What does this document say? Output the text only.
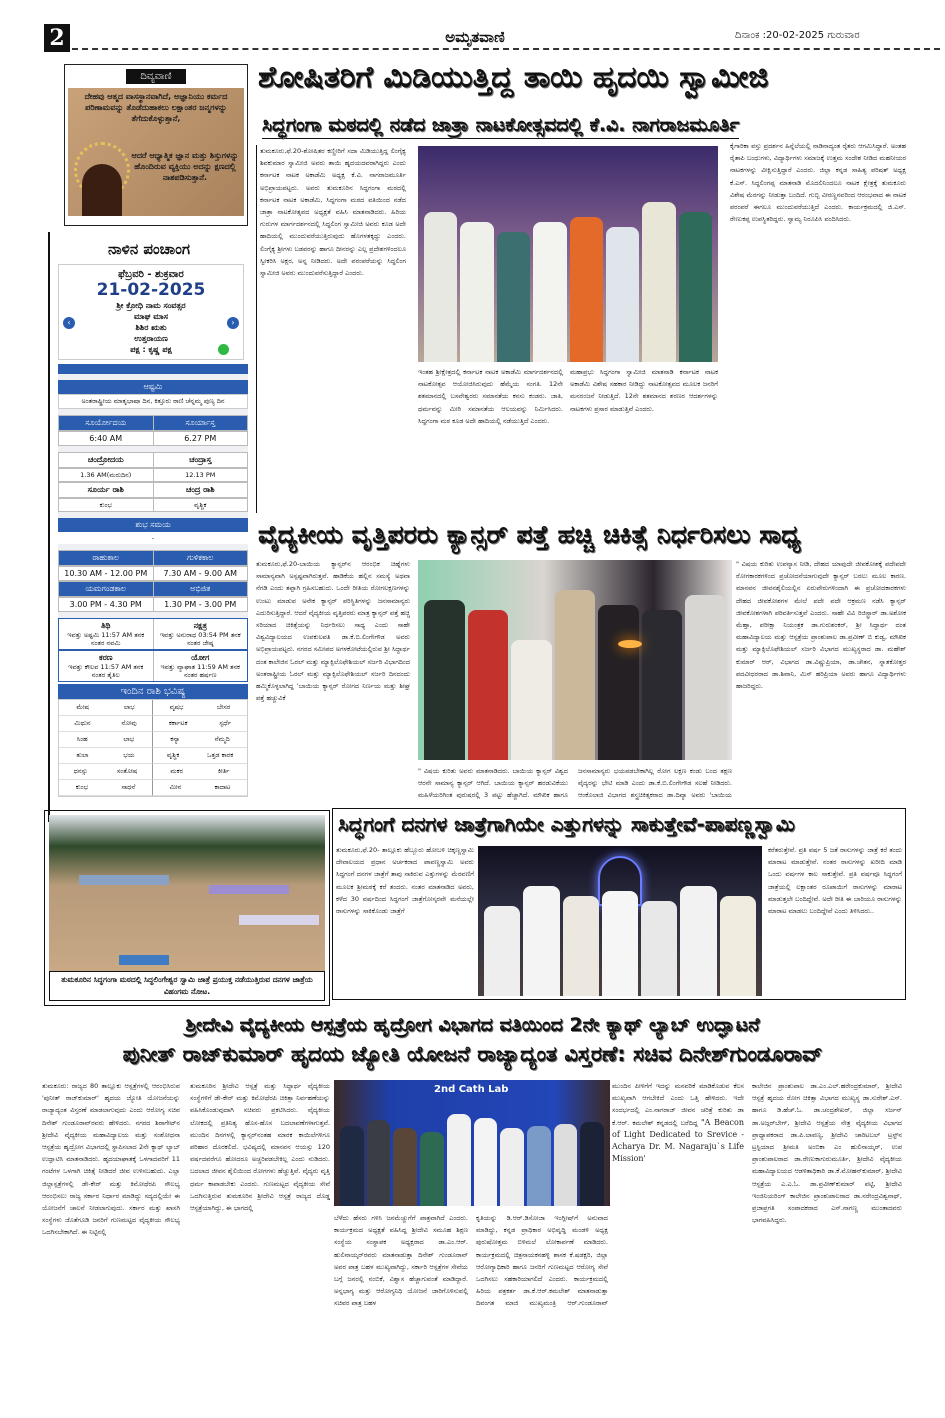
2	ಅಮೃತವಾಣಿ	ದಿನಾಂಕ :20-02-2025 ಗುರುವಾರ
ದಿವ್ಯವಾಣಿ
ದೇಹವು ಆತ್ಮದ ವಾಸಸ್ಥಾನವಾಗಿದೆ, ಅಜ್ಞಾನಿಯು ಕರ್ಮದ ಪರಿಣಾಮವನ್ನು ತೊಡೆದುಹಾಕಲು ಲಕ್ಷಾಂತರ ಜನ್ಮಗಳನ್ನು ತೆಗೆದುಕೊಳ್ಳುತ್ತಾನೆ,
ಆದರೆ ಆಧ್ಯಾತ್ಮಿಕ ಜ್ಞಾನ ಮತ್ತು ಶಿಸ್ತುಗಳನ್ನು ಹೊಂದಿರುವ ವ್ಯಕ್ತಿಯು ಅದನ್ನು ಕ್ಷಣದಲ್ಲಿ ನಾಶಪಡಿಸುತ್ತಾನೆ.
ನಾಳಿನ ಪಂಚಾಂಗ
ಫೆಬ್ರವರಿ - ಶುಕ್ರವಾರ
21-02-2025
ಶ್ರೀ ಕ್ರೋಧಿ ನಾಮ ಸಂವತ್ಸರ
ಮಾಘ ಮಾಸ
ಶಿಶಿರ ಋತು
ಉತ್ತರಾಯಣ
ಪಕ್ಷ : ಕೃಷ್ಣ ಪಕ್ಷ
‹	›
ಆಷ್ಟಮಿ
ಅಂತರಾಷ್ಟ್ರೀಯ ಮಾತೃಭಾಷಾ ದಿನ, ಕಿತ್ತೂರು ರಾಣಿ ಚೆನ್ನಮ್ಮ ಪುಣ್ಯ ದಿನ
ಸೂರ್ಯೋದಯ	ಸೂರ್ಯಾಸ್ತ
6:40 AM	6.27 PM
ಚಂದ್ರೋದಯ	ಚಂದ್ರಾಸ್ತ
1.36 AM(ಮರುದಿನ)	12.13 PM
ಸೂರ್ಯ ರಾಶಿ	ಚಂದ್ರ ರಾಶಿ
ಕುಂಭ	ವೃಶ್ಚಿಕ
ಶುಭ ಸಮಯ
-
ರಾಹುಕಾಲ	ಗುಳಿಕಕಾಲ
10.30 AM - 12.00 PM	7.30 AM - 9.00 AM
ಯಮಗಂಡಕಾಲ	ಅಭಿಜಿತ
3.00 PM - 4.30 PM	1.30 PM - 3.00 PM
ತಿಥಿ
ಇವತ್ತು ಅಷ್ಟಮಿ 11:57 AM ತನಕ ನಂತರ ನವಮಿ
ನಕ್ಷತ್ರ
ಇವತ್ತು ಅನುರಾಧ 03:54 PM ತನಕ ನಂತರ ಜೇಷ್ಠ
ಕರಣ
ಇವತ್ತು ಕೌಲವ 11:57 AM ತನಕ ನಂತರ ತೈತಿಲ
ಯೋಗ
ಇವತ್ತು ವ್ಯಾಘಾತ 11:59 AM ತನಕ ನಂತರ ಹರ್ಷಣ
ಇಂದಿನ ರಾಶಿ ಭವಿಷ್ಯ
ಮೇಷ	ಲಾಭ	ವೃಷಭ	ಬೇಸರ
ಮಿಥುನ	ನೋವು	ಕರ್ಕಾಟಕ	ಸ್ಪರ್ಧೆ
ಸಿಂಹ	ಲಾಭ	ಕನ್ಯಾ	ನೆಮ್ಮದಿ
ತುಲಾ	ಭಯ	ವೃಶ್ಚಿಕ	ಒತ್ತಡ ಕಾರಕ
ಧನಸ್ಸು	ಸಂತೋಷ	ಮಕರ	ಕೀರ್ತಿ
ಕುಂಭ	ಸಾಧನೆ	ಮೀನ	ಕಾದಾಟ
ಶೋಷಿತರಿಗೆ ಮಿಡಿಯುತ್ತಿದ್ದ ತಾಯಿ ಹೃದಯಿ ಸ್ವಾಮೀಜಿ
ಸಿದ್ಧಗಂಗಾ ಮಠದಲ್ಲಿ ನಡೆದ ಜಾತ್ರಾ ನಾಟಕೋತ್ಸವದಲ್ಲಿ ಕೆ.ವಿ. ನಾಗರಾಜಮೂರ್ತಿ
ತುಮಕೂರು,ಫೆ.20-ಶೋಷಿತರ ಕಣ್ಣೀರಿಗೆ ಸದಾ ಮಿಡಿಯುತ್ತಿದ್ದ ಲಿಂಗೈಕ್ಯ ಶಿವಕುಮಾರ ಸ್ವಾಮೀಜಿ ಅವರು ತಾಯಿ ಹೃದಯದವರಾಗಿದ್ದರು ಎಂದು ಕರ್ನಾಟಕ ನಾಟಕ ಅಕಾಡೆಮಿ ಅಧ್ಯಕ್ಷ ಕೆ.ವಿ. ನಾಗರಾಜಮೂರ್ತಿ ಅಭಿಪ್ರಾಯಪಟ್ಟರು. ಅವರು ತುಮಕೂರಿನ ಸಿದ್ಧಗಂಗಾ ಮಠದಲ್ಲಿ ಕರ್ನಾಟಕ ನಾಟಕ ಅಕಾಡೆಮಿ, ಸಿದ್ಧಗಂಗಾ ಮಠದ ವತಿಯಿಂದ ನಡೆದ ಜಾತ್ರಾ ನಾಟಕೋತ್ಸವದ ಅಧ್ಯಕ್ಷತೆ ವಹಿಸಿ ಮಾತನಾಡಿದರು. ಹಿರಿಯ ಗುರುಗಳ ಮಾರ್ಗದರ್ಶನದಲ್ಲಿ ಸಿದ್ಧಲಿಂಗ ಸ್ವಾಮೀಜಿ ಅವರು ಕೂಡ ಅದೇ ಹಾದಿಯಲ್ಲಿ ಮುಂದುವರೆಯುತ್ತಿರುವುದು ಹೊಗಳತಕ್ಕದ್ದು ಎಂದರು. ಲಿಂಗೈಕ್ಯ ಶ್ರೀಗಳು ಬಡವರನ್ನು ಹಾಗೂ ದೀನರನ್ನು ಎಲ್ಲ ಪ್ರದೇಶಗಳಿಂದಲೂ ಸ್ವೀಕರಿಸಿ ಅಕ್ಷರ, ಅನ್ನ ನೀಡಿದರು. ಅದೇ ಪರಂಪರೆಯನ್ನು ಸಿದ್ಧಲಿಂಗ ಸ್ವಾಮೀಜಿ ಅವರು ಮುಂದುವರೆಸುತ್ತಿದ್ದಾರೆ ಎಂದರು.
ಇಂತಹ ಶ್ರೀಕ್ಷೇತ್ರದಲ್ಲಿ ಕರ್ನಾಟಕ ನಾಟಕ ಅಕಾಡೆಮಿ ಮಾರ್ಗದರ್ಶನದಲ್ಲಿ ನಾಟಕೋತ್ಸವ ಆಯೋಜಿಸಿರುವುದು ಹೆಮ್ಮೆಯ ಸಂಗತಿ. 12ನೇ ಶತಮಾನದಲ್ಲಿ ಬಸವೇಶ್ವರರು ಸಮಾನತೆಯ ಕನಸು ಕಂಡರು. ಜಾತಿ, ಧರ್ಮವನ್ನು ಮೀರಿ ಸಮಾನತೆಯ ಆಲಯವನ್ನು ನಿರ್ಮಿಸಿದರು. ಸಿದ್ಧಗಂಗಾ ಮಠ ಕೂಡ ಅದೇ ಹಾದಿಯಲ್ಲಿ ನಡೆಯುತ್ತಿದೆ ಎಂದರು.
ಮಹಾಪ್ರಭು ಸಿದ್ಧಗಂಗಾ ಸ್ವಾಮೀಜಿ ಮಾತನಾಡಿ ಕರ್ನಾಟಕ ನಾಟಕ ಅಕಾಡೆಮಿ ವಿಶೇಷ ಸಹಕಾರ ನೀಡಿದ್ದು ನಾಟಕೋತ್ಸವದ ಮೂಲಕ ಜನರಿಗೆ ಮನರಂಜನೆ ನೀಡುತ್ತಿದೆ. 12ನೇ ಶತಮಾನದ ಶರಣರ ಆದರ್ಶಗಳನ್ನು ನಾಟಕಗಳು ಪ್ರಸಾರ ಮಾಡುತ್ತಿವೆ ಎಂದರು.
ಕೈಗಾರಿಕಾ ವಸ್ತು ಪ್ರದರ್ಶನ ಹಿನ್ನೆಲೆಯಲ್ಲಿ ನಾಡಿನಾದ್ಯಂತ ರೈತರು ಆಗಮಿಸಿದ್ದಾರೆ. ಅಂತಹ ರೈತಾಪಿ ಬಂಧುಗಳು, ವಿದ್ಯಾರ್ಥಿಗಳು ಸಮಾಜಕ್ಕೆ ಉತ್ತಮ ಸಂದೇಶ ನೀಡಿದ ಮಹನೀಯರ ನಾಟಕಗಳನ್ನು ವೀಕ್ಷಿಸುತ್ತಿದ್ದಾರೆ ಎಂದರು. ಜಿಲ್ಲಾ ಕನ್ನಡ ಸಾಹಿತ್ಯ ಪರಿಷತ್ ಅಧ್ಯಕ್ಷ ಕೆ.ಎಸ್. ಸಿದ್ಧಲಿಂಗಪ್ಪ ಮಾತನಾಡಿ ಮೊದಲಿನಿಂದಲೂ ನಾಟಕ ಕ್ಷೇತ್ರಕ್ಕೆ ತುಮಕೂರು ವಿಶೇಷ ಮೆರಗನ್ನು ನೀಡುತ್ತಾ ಬಂದಿದೆ. ಗುಬ್ಬಿ ವೀರಣ್ಣನವರಿಂದ ಆರಂಭವಾದ ಈ ನಾಟಕ ಪರಂಪರೆ ಈಗಲೂ ಮುಂದುವರೆಯುತ್ತಿದೆ ಎಂದರು. ಕಾರ್ಯಕ್ರಮದಲ್ಲಿ ಜಿ.ಎಸ್. ರೇಣುಕಪ್ಪ ಉಪಸ್ಥಿತರಿದ್ದರು. ಸ್ವಾಮ್ಯ ನಿರೂಪಿಸಿ ವಂದಿಸಿದರು.
ವೈದ್ಯಕೀಯ ವೃತ್ತಿಪರರು ಕ್ಯಾನ್ಸರ್ ಪತ್ತೆ ಹಚ್ಚಿ ಚಿಕಿತ್ಸೆ ನಿರ್ಧರಿಸಲು ಸಾಧ್ಯ
ತುಮಕೂರು,ಫೆ.20-ಬಾಯಿಯ ಕ್ಯಾನ್ಸರ್‌ನ ಆರಂಭಿಕ ಚಿಹ್ನೆಗಳು ಸಾಮಾನ್ಯವಾಗಿ ಅಸ್ಪಷ್ಟವಾಗಿರುತ್ತವೆ. ಹಾಡಿಕೆಯ ಹಲ್ಲಿನ ಸಮಸ್ಯೆ ಅಥವಾ ನೆಗಡಿ ಎಂದು ತಪ್ಪಾಗಿ ಗ್ರಹಿಸಬಹುದು. ಒಂದೇ ರೀತಿಯ ರೋಗಲಕ್ಷಣಗಳನ್ನು ಉಂಟು ಮಾಡುವ ಅನೇಕ ಕ್ಯಾನ್ಸರ್ ಪರಿಸ್ಥಿತಿಗಳನ್ನು ಜನಸಾಮಾನ್ಯರು ಎದುರಿಸುತ್ತಿದ್ದಾರೆ. ಆದರೆ ವೈದ್ಯಕೀಯ ವೃತ್ತಿಪರರು ಮಾತ್ರ ಕ್ಯಾನ್ಸರ್ ಪತ್ತೆ ಹಚ್ಚಿ ಸರಿಯಾದ ಚಿಕಿತ್ಸೆಯನ್ನು ನಿರ್ಧರಿಸಲು ಸಾಧ್ಯ ಎಂದು ಸಾಹೇ ವಿಶ್ವವಿದ್ಯಾಲಯದ ಉಪಕುಲಪತಿ ಡಾ.ಕೆ.ಬಿ.ಲಿಂಗೇಗೌಡ ಅವರು ಅಭಿಪ್ರಾಯಪಟ್ಟರು. ನಗರದ ಸಮೀಪದ ಅಗಳಕೋಟೆಯಲ್ಲಿರುವ ಶ್ರೀ ಸಿದ್ಧಾರ್ಥ ದಂತ ಕಾಲೇಜಿನ ಓರಲ್ ಮತ್ತು ಮ್ಯಾಕ್ಸಿಲೊಫೇಶಿಯಲ್ ಸರ್ಜರಿ ವಿಭಾಗದಿಂದ ಅಂತರಾಷ್ಟ್ರೀಯ ಓರಲ್ ಮತ್ತು ಮ್ಯಾಕ್ಸಿಲೊಫೇಶಿಯಲ್ ಸರ್ಜರಿ ದಿನದಂದು ಹಮ್ಮಿಕೊಳ್ಳಲಾಗಿದ್ದ 'ಬಾಯಿಯ ಕ್ಯಾನ್ಸರ್ ರೋಗದ ನಿರ್ಣಯ ಮತ್ತು ಶೀಘ್ರ ಪತ್ತೆ ಹಚ್ಚುವಿಕೆ
" ವಿಷಯ ಕುರಿತು ಅವರು ಮಾತನಾಡಿದರು. ಬಾಯಿಯ ಕ್ಯಾನ್ಸರ್ ವಿಶ್ವದ ಆರನೇ ಸಾಮಾನ್ಯ ಕ್ಯಾನ್ಸರ್ ಆಗಿದೆ. ಬಾಯಿಯ ಕ್ಯಾನ್ಸರ್ ಹರಡುವಿಕೆಯು ಮಹಿಳೆಯರಿಗಿಂತ ಪುರುಷರಲ್ಲಿ 3 ಪಟ್ಟು ಹೆಚ್ಚಾಗಿದೆ. ಮೌಖಿಕ ಹಾಗೂ
ಜನಸಾಮಾನ್ಯರು ಭಯಪಡಬೇಕಾಗಿಲ್ಲ ರೋಗ ಲಕ್ಷಣ ಕಂಡು ಬಂದ ತಕ್ಷಣ ವೈದ್ಯರನ್ನು ಭೇಟಿ ಮಾಡಿ ಎಂದು ಡಾ.ಕೆ.ಬಿ.ಲಿಂಗೇಗೌಡ ಸಲಹೆ ನೀಡಿದರು. ಆಂಕೊಲಾಜಿ ವಿಭಾಗದ ಶಸ್ತ್ರಚಿಕಿತ್ಸಕರಾದ ಡಾ.ದಿವ್ಯಾ ಅವರು 'ಬಾಯಿಯ
" ವಿಷಯ ಕುರಿತು ಉಪನ್ಯಾಸ ನೀಡಿ, ದೇಹದ ಯಾವುದೇ ಜೀವಕೋಶಕ್ಕೆ ಪದೇಪದೇ ರೋಗಕಾರಕಗಳಿಂದ ಪ್ರಚೋದನೆಯಾಗುವುದೇ ಕ್ಯಾನ್ಸರ್ ಬರಲು ಮೂಲ ಕಾರಣ. ಮಾನವನ ಜೀವನಶೈಲಿಯಲ್ಲಿನ ಏರುಪೇರುಗಳಿಂದಾಗಿ ಈ ಪ್ರಚೋದಕಾರಕಗಳು ದೇಹದ ಜೀವಕೋಶಗಳ ಮೇಲೆ ಪದೇ ಪದೇ ಆಕ್ರಮಣ ನಡೆಸಿ ಕ್ಯಾನ್ಸರ್ ಜೀವಕೋಶಗಳಾಗಿ ಪರಿವರ್ತಿಸುತ್ತವೆ ಎಂದರು. ಸಾಹೇ ವಿವಿ ರಿಜಿಸ್ಟ್ರಾರ್ ಡಾ.ಅಶೋಕ ಮೆಹ್ತಾ, ಪರೀಕ್ಷಾ ನಿಯಂತ್ರಕ ಡಾ.ಗುರುಶಂಕರ್, ಶ್ರೀ ಸಿದ್ಧಾರ್ಥ ದಂತ ಮಹಾವಿದ್ಯಾಲಯ ಮತ್ತು ಆಸ್ಪತ್ರೆಯ ಪ್ರಾಂಶುಪಾಲ ಡಾ.ಪ್ರವೀಣ್ ಬಿ ಕುಡ್ವ, ಮೌಖಿಕ ಮತ್ತು ಮ್ಯಾಕ್ಸಿಲೊಫೇಶಿಯಲ್ ಸರ್ಜರಿ ವಿಭಾಗದ ಮುಖ್ಯಸ್ಥರಾದ ಡಾ. ಮಹೇಶ್ ಕುಮಾರ್ ಆರ್, ವಿಭಾಗದ ಡಾ.ವಿಷ್ಣುಪ್ರಿಯಾ, ಡಾ.ಚೇತನ, ಸ್ನಾತಕೋತ್ತರ ಪದವೀಧರರಾದ ಡಾ.ಶಿವಾನಿ, ಮಿಸ್ ಹರಿಪ್ರಿಯಾ ಅವರು ಹಾಗೂ ವಿದ್ಯಾರ್ಥಿಗಳು ಹಾಜರಿದ್ದರು.
ತುಮಕೂರಿನ ಸಿದ್ಧಗಂಗಾ ಮಠದಲ್ಲಿ ಸಿದ್ಧಲಿಂಗೇಶ್ವರ ಸ್ವಾಮಿ ಜಾತ್ರೆ ಪ್ರಯುಕ್ತ ನಡೆಯುತ್ತಿರುವ ದನಗಳ ಜಾತ್ರೆಯ ವಿಹಂಗಮ ನೋಟ.
ಸಿದ್ಧಗಂಗೆ ದನಗಳ ಜಾತ್ರೆಗಾಗಿಯೇ ಎತ್ತುಗಳನ್ನು ಸಾಕುತ್ತೇವೆ-ಪಾಪಣ್ಣಸ್ವಾಮಿ
ತುಮಕೂರು,ಫೆ.20- ತಾಲ್ಲೂಕು ಹೆಬ್ಬೂರು ಹೋಬಳಿ ಚಿಕ್ಕಣ್ಣಸ್ವಾಮಿ ದೇವಾಲಯದ ಪ್ರಧಾನ ಅರ್ಚಕರಾದ ಪಾಪಣ್ಣಸ್ವಾಮಿ ಅವರು ಸಿದ್ಧಗಂಗೆ ದನಗಳ ಜಾತ್ರೆಗೆ ತಾವು ಸಾಕಿರುವ ಎತ್ತುಗಳನ್ನು ಮೆರವಣಿಗೆ ಮೂಲಕ ಶ್ರೀಮಠಕ್ಕೆ ಕರೆ ತಂದರು. ನಂತರ ಮಾತನಾಡಿದ ಅವರು, ಕಳೆದ 30 ವರ್ಷದಿಂದ ಸಿದ್ಧಗಂಗೆ ಜಾತ್ರೆಗೋಸ್ಕರವೇ ಮನೆಯಲ್ಲೇ ರಾಸುಗಳನ್ನು ಸಾಕಿಕೊಂಡು ಜಾತ್ರೆಗೆ
ಕರೆತರುತ್ತೇವೆ. ಪ್ರತಿ ವರ್ಷ 5 ಜತೆ ರಾಸುಗಳನ್ನು ಜಾತ್ರೆ ಕರೆ ತಂದು ಮಾರಾಟ ಮಾಡುತ್ತೇವೆ. ನಂತರ ರಾಸುಗಳನ್ನು ಖರೀದಿ ಮಾಡಿ ಒಂದು ವರ್ಷಗಳ ಕಾಲ ಸಾಕುತ್ತೇವೆ. ಪ್ರತಿ ವರ್ಷವೂ ಸಿದ್ಧಗಂಗೆ ಜಾತ್ರೆಯಲ್ಲಿ ಲಕ್ಷಾಂತರ ರೂಪಾಯಿಗೆ ರಾಸುಗಳನ್ನು ಮಾರಾಟ ಮಾಡುತ್ತಲೇ ಬಂದಿದ್ದೇವೆ. ಅದೇ ರೀತಿ ಈ ಬಾರಿಯೂ ರಾಸುಗಳನ್ನು ಮಾರಾಟ ಮಾಡಲು ಬಂದಿದ್ದೇವೆ ಎಂದು ತಿಳಿಸಿದರು..
ಶ್ರೀದೇವಿ ವೈದ್ಯಕೀಯ ಆಸ್ಪತ್ರೆಯ ಹೃದ್ರೋಗ ವಿಭಾಗದ ವತಿಯಿಂದ 2ನೇ ಕ್ಯಾಥ್ ಲ್ಯಾಬ್ ಉದ್ಘಾಟನೆ
ಪುನೀತ್ ರಾಜ್‌ಕುಮಾರ್ ಹೃದಯ ಜ್ಯೋತಿ ಯೋಜನೆ ರಾಜ್ಯಾದ್ಯಂತ ವಿಸ್ತರಣೆ: ಸಚಿವ ದಿನೇಶ್‌ಗುಂಡೂರಾವ್
ತುಮಕೂರು: ರಾಜ್ಯದ 80 ತಾಲ್ಲೂಕು ಆಸ್ಪತ್ರೆಗಳಲ್ಲಿ ಆರಂಭಿಸಿರುವ 'ಪುನೀತ್ ರಾಜ್‌ಕುಮಾರ್' ಹೃದಯ ಜ್ಯೋತಿ ಯೋಜನೆಯನ್ನು ರಾಜ್ಯಾದ್ಯಂತ ವಿಸ್ತರಣೆ ಮಾಡಲಾಗುವುದು ಎಂದು ಆರೋಗ್ಯ ಸಚಿವ ದಿನೇಶ್ ಗುಂಡೂರಾವ್‌ರವರು ಹೇಳಿದರು. ನಗರದ ಶಿರಾಗೇಟ್‌ನ ಶ್ರೀದೇವಿ ವೈದ್ಯಕೀಯ ಮಹಾವಿದ್ಯಾಲಯ ಮತ್ತು ಸಂಶೋಧನಾ ಆಸ್ಪತ್ರೆಯ ಹೃದ್ರೋಗ ವಿಭಾಗದಲ್ಲಿ ಸ್ಥಾಪಿಸಲಾದ 2ನೇ ಕ್ಯಾಥ್ ಲ್ಯಾಬ್ ಉದ್ಘಾಟಿಸಿ ಮಾತನಾಡಿದರು. ಹೃದಯಾಘಾತಕ್ಕೆ ಒಳಗಾದವರಿಗೆ 11 ಗಂಟೆಗಳ ಒಳಗಾಗಿ ಚಿಕಿತ್ಸೆ ನೀಡಿದರೆ ಜೀವ ಉಳಿಸಬಹುದು. ಎಲ್ಲಾ ಜಿಲ್ಲಾಸ್ಪತ್ರೆಗಳಲ್ಲಿ ಡೇ-ಕೇರ್ ಮತ್ತು ಕಿಮೋಥೆರಪಿ ಸೌಲಭ್ಯ ಆರಂಭಿಸಲು ರಾಜ್ಯ ಸರ್ಕಾರ ನಿರ್ಧಾರ ಮಾಡಿದ್ದು ಸದ್ಯದಲ್ಲಿಯೇ ಈ ಯೋಜನೆಗೆ ಚಾಲನೆ ನೀಡಲಾಗುವುದು. ಸರ್ಕಾರ ಮತ್ತು ಖಾಸಗಿ ಸಂಸ್ಥೆಗಳು ಜೊತೆಗೂಡಿ ಜನರಿಗೆ ಗುಣಮಟ್ಟದ ವೈದ್ಯಕೀಯ ಸೌಲಭ್ಯ ಒದಗಿಸಬೇಕಾಗಿದೆ. ಈ ನಿಟ್ಟಿನಲ್ಲಿ
ತುಮಕೂರಿನ ಶ್ರೀದೇವಿ ಆಸ್ಪತ್ರೆ ಮತ್ತು ಸಿದ್ಧಾರ್ಥ ವೈದ್ಯಕೀಯ ಸಂಸ್ಥೆಗಳಿಗೆ ಡೇ-ಕೇರ್ ಮತ್ತು ಕಿಮೋಥೆರಪಿ ಚಿಕಿತ್ಸಾ ನಿರ್ವಹಣೆಯನ್ನು ವಹಿಸಿಕೊಂಡುವುದಾಗಿ ಸಚಿವರು ಪ್ರಕಟಿಸಿದರು. ವೈದ್ಯಕೀಯ ಲೋಕದಲ್ಲಿ ಪ್ರತಿನಿತ್ಯ ಹೊಸ-ಹೊಸ ಬದಲಾವಣೆಗಳಾಗುತ್ತವೆ. ಮುಂದಿನ ದಿನಗಳಲ್ಲಿ ಕ್ಯಾನ್ಸರ್‌ನಂತಹ ಮಾರಕ ಕಾಯಿಲೆಗಳಿಗೂ ಪರಿಹಾರ ದೊರಕಲಿದೆ. ಭವಿಷ್ಯದಲ್ಲಿ ಮಾನವನ ಆಯಸ್ಸು 120 ವರ್ಷದವರೆಗೂ ಹೋದರೂ ಅಚ್ಚರಿಪಡಬೇಕಿಲ್ಲ ಎಂದು ನುಡಿದರು. ಬದಲಾದ ಜೀವನ ಶೈಲಿಯಿಂದ ರೋಗಗಳು ಹೆಚ್ಚುತ್ತಿವೆ. ವೈದ್ಯರು ವೃತ್ತಿ ಧರ್ಮ ಕಾಪಾಡಬೇಕು ಎಂದರು. ಗುಣಮಟ್ಟದ ವೈದ್ಯಕೀಯ ಸೇವೆ ಒದಗಿಸುತ್ತಿರುವ ತುಮಕೂರಿನ ಶ್ರೀದೇವಿ ಆಸ್ಪತ್ರೆ ರಾಜ್ಯದ ದೊಡ್ಡ ಆಸ್ಪತ್ರೆಯಾಗಿದ್ದು, ಈ ಭಾಗದಲ್ಲಿ
2nd Cath Lab
ಬೆಳೆದು ಹೆಸರು ಗಳಿಸಿ ಜನಮೆಚ್ಚುಗೆಗೆ ಪಾತ್ರವಾಗಿದೆ ಎಂದರು. ಕಾರ್ಯಕ್ರಮದ ಅಧ್ಯಕ್ಷತೆ ವಹಿಸಿದ್ದ ಶ್ರೀದೇವಿ ಸಮೂಹ ಶಿಕ್ಷಣ ಸಂಸ್ಥೆಯ ಸಂಸ್ಥಾಪಕ ಅಧ್ಯಕ್ಷರಾದ ಡಾ.ಎಂ.ಆರ್. ಹುಲಿನಾಯ್ಕರ್‌ರವರು ಮಾತನಾಡುತ್ತಾ ದಿನೇಶ್ ಗುಂಡೂರಾವ್ ಅವರ ಪಾತ್ರ ಬಹಳ ಮುಖ್ಯವಾಗಿದ್ದು, ಸರ್ಕಾರಿ ಆಸ್ಪತ್ರೆಗಳ ಸೇವೆಯ ಬಗ್ಗೆ ಜನರಲ್ಲಿ ನಂಬಿಕೆ, ವಿಶ್ವಾಸ ಹೆಚ್ಚಾಗುವಂತೆ ಮಾಡಿದ್ದಾರೆ. ಅನ್ನಭಾಗ್ಯ ಮತ್ತು ಆರೋಗ್ಯನಿಧಿ ಯೋಜನೆ ಜಾರಿಗೊಳಿಸುವಲ್ಲಿ ಸಚಿವರ ಪಾತ್ರ ಬಹಳ
ಕೃತಿಯನ್ನು ಡಿ.ಆರ್.ಡಿಸೋಜಾ ಇಂಗ್ಲೀಷ್‌ಗೆ ಅನುವಾದ ಮಾಡಿದ್ದು, ಕನ್ನಡ ಪ್ರಾಧಿಕಾರ ಅಭಿವೃದ್ಧಿ ಮಂಡಳಿ ಅಧ್ಯಕ್ಷ ಪುರುಷೋತ್ತಮ ಬಿಳಿಮಲೆ ಲೋಕಾರ್ಪಣೆ ಮಾಡಿದರು. ಕಾರ್ಯಕ್ರಮದಲ್ಲಿ ಚಿತ್ರನಾಯಕನಹಳ್ಳಿ ಶಾಸಕ ಕೆ.ಷಡಕ್ಷರಿ, ಜಿಲ್ಲಾ ಆರೋಗ್ಯಾಧಿಕಾರಿ ಹಾಗೂ ಜನರಿಗೆ ಗುಣಮಟ್ಟದ ಆರೋಗ್ಯ ಸೇವೆ ಒದಗಿಸಲು ಸಹಕಾರಿಯಾಗಲಿದೆ ಎಂದರು. ಕಾರ್ಯಕ್ರಮದಲ್ಲಿ ಹಿರಿಯ ಪತ್ರಕರ್ತ ಡಾ.ಕೆ.ಆರ್.ಕಮಲೇಶ್ ಮಾತನಾಡುತ್ತಾ ದಿವಂಗತ ಮಾಜಿ ಮುಖ್ಯಮಂತ್ರಿ ಆರ್.ಗುಂಡೂರಾವ್
ಮುಂದಿನ ಪೀಳಿಗೆಗೆ ಇದನ್ನು ಮನವರಿಕೆ ಮಾಡಿಕೊಡುವ ಕೆಲಸ ಮುಖ್ಯವಾಗಿ ಆಗಬೇಕಿದೆ ಎಂದು ಒತ್ತಿ ಹೇಳಿದರು. ಇದೇ ಸಂದರ್ಭದಲ್ಲಿ ಎಂ.ನಾಗರಾಜ್ ಜೀವನ ಚರಿತ್ರೆ ಕುರಿತು ಡಾ ಕೆ.ಆರ್. ಕಮಲೇಶ್ ಕನ್ನಡದಲ್ಲಿ ಬರೆದಿದ್ದ "A Beacon of Light Dedicated to Srevice - Acharya Dr. M. Nagaraju`s Life Mission'
ಕಾಲೇಜಿನ ಪ್ರಾಂಶುಪಾಲ ಡಾ.ಎಂ.ಎಲ್.ಹರೇಂದ್ರಕುಮಾರ್, ಶ್ರೀದೇವಿ ಆಸ್ಪತ್ರೆ ಹೃದಯ ರೋಗ ಚಿಕಿತ್ಸಾ ವಿಭಾಗದ ಮುಖ್ಯಸ್ಥ ಡಾ.ಸುರೇಶ್.ಎಸ್. ಹಾಗೂ ಡಿ.ಹೆಚ್.ಓ. ಡಾ.ಚಂದ್ರಶೇಖರ್, ಜಿಲ್ಲಾ ಸರ್ಜನ್ ಡಾ.ಅಜ್ಗರ್‌ಬೇಗ್, ಶ್ರೀದೇವಿ ಆಸ್ಪತ್ರೆಯ ನೇತ್ರ ವೈದ್ಯಕೀಯ ವಿಭಾಗದ ಪ್ರಾಧ್ಯಾಪಕರಾದ ಡಾ.ಪಿ.ಲಾವಣ್ಯ, ಶ್ರೀದೇವಿ ಚಾರಿಟಬಲ್ ಟ್ರಸ್ಟ್‌ನ ಟ್ರಸ್ಟಿಯಾದ ಶ್ರೀಮತಿ ಅಂಬಿಕಾ ಎಂ ಹುಲಿನಾಯ್ಕರ್, ಉಪ ಪ್ರಾಂಶುಪಾಲರಾದ ಡಾ.ರೇಣುಕಾಗುರುಮೂರ್ತಿ, ಶ್ರೀದೇವಿ ವೈದ್ಯಕೀಯ ಮಹಾವಿದ್ಯಾಲಯದ ಆಡಳಿತಾಧಿಕಾರಿ ಡಾ.ಕೆ.ಮೋಹನ್‌ಕುಮಾರ್, ಶ್ರೀದೇವಿ ಆಸ್ಪತ್ರೆಯ ಎ.ಎ.ಓ. ಡಾ.ಪ್ರವೀಣ್‌ಕುಮಾರ್ ಪಟ್ಟಿ, ಶ್ರೀದೇವಿ ಇಂಜಿನಿಯರಿಂಗ್ ಕಾಲೇಜಿನ ಪ್ರಾಂಶುಪಾಲರಾದ ಡಾ.ನರೇಂದ್ರವಿಶ್ವನಾಥ್, ಪ್ರಜಾಪ್ರಗತಿ ಸಂಪಾದಕರಾದ ಎಸ್.ನಾಗಣ್ಣ ಮುಂತಾದವರು ಭಾಗವಹಿಸಿದ್ದರು.
